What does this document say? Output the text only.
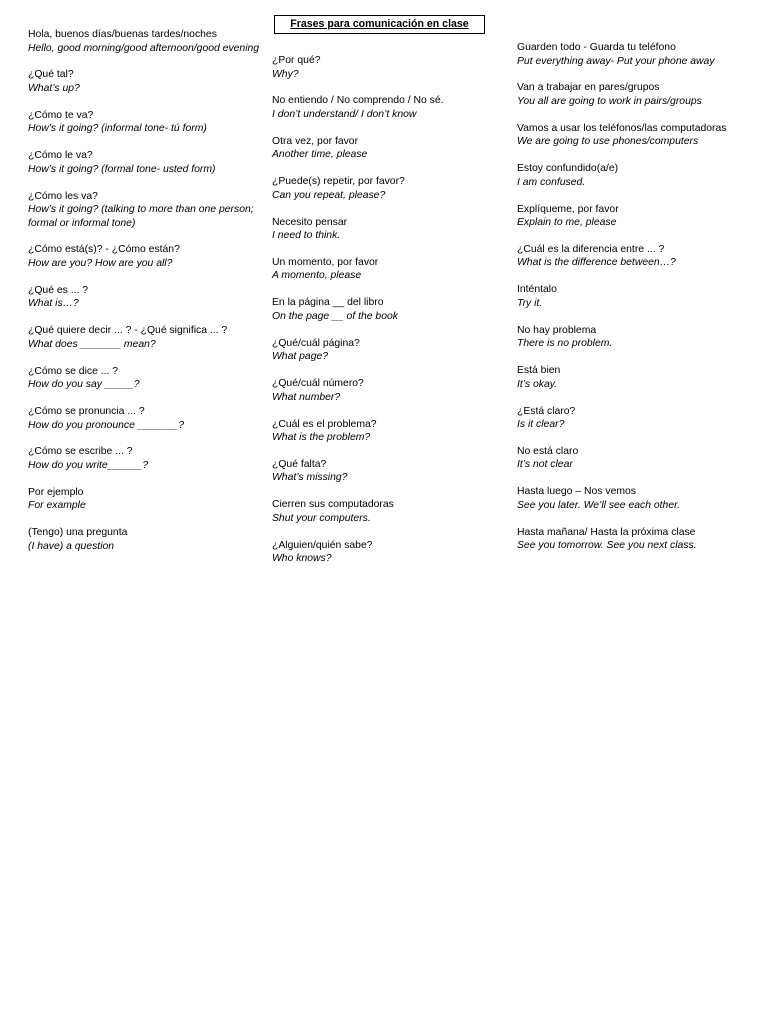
Frases para comunicación en clase
Hola, buenos días/buenas tardes/noches
Hello, good morning/good afternoon/good evening
¿Qué tal?
What’s up?
¿Cómo te va?
How’s it going? (informal tone- tú form)
¿Cómo le va?
How’s it going? (formal tone- usted form)
¿Cómo les va?
How’s it going? (talking to more than one person; formal or informal tone)
¿Cómo está(s)? - ¿Cómo están?
How are you? How are you all?
¿Qué es ... ?
What is…?
¿Qué quiere decir ... ? - ¿Qué significa ... ?
What does _______ mean?
¿Cómo se dice ... ?
How do you say _____?
¿Cómo se pronuncia ... ?
How do you pronounce _______?
¿Cómo se escribe ... ?
How do you write______?
Por ejemplo
For example
(Tengo) una pregunta
(I have) a question
¿Por qué?
Why?
No entiendo / No comprendo / No sé.
I don’t understand/ I don’t know
Otra vez, por favor
Another time, please
¿Puede(s) repetir, por favor?
Can you repeat, please?
Necesito pensar
I need to think.
Un momento, por favor
A momento, please
En la página __ del libro
On the page __ of the book
¿Qué/cuál página?
What page?
¿Qué/cuál número?
What number?
¿Cuál es el problema?
What is the problem?
¿Qué falta?
What’s missing?
Cierren sus computadoras
Shut your computers.
¿Alguien/quién sabe?
Who knows?
Guarden todo - Guarda tu teléfono
Put everything away- Put your phone away
Van a trabajar en pares/grupos
You all are going to work in pairs/groups
Vamos a usar los teléfonos/las computadoras
We are going to use phones/computers
Estoy confundido(a/e)
I am confused.
Explíqueme, por favor
Explain to me, please
¿Cuál es la diferencia entre ... ?
What is the difference between…?
Inténtalo
Try it.
No hay problema
There is no problem.
Está bien
It’s okay.
¿Está claro?
Is it clear?
No está claro
It’s not clear
Hasta luego – Nos vemos
See you later. We’ll see each other.
Hasta mañana/ Hasta la próxima clase
See you tomorrow. See you next class.
